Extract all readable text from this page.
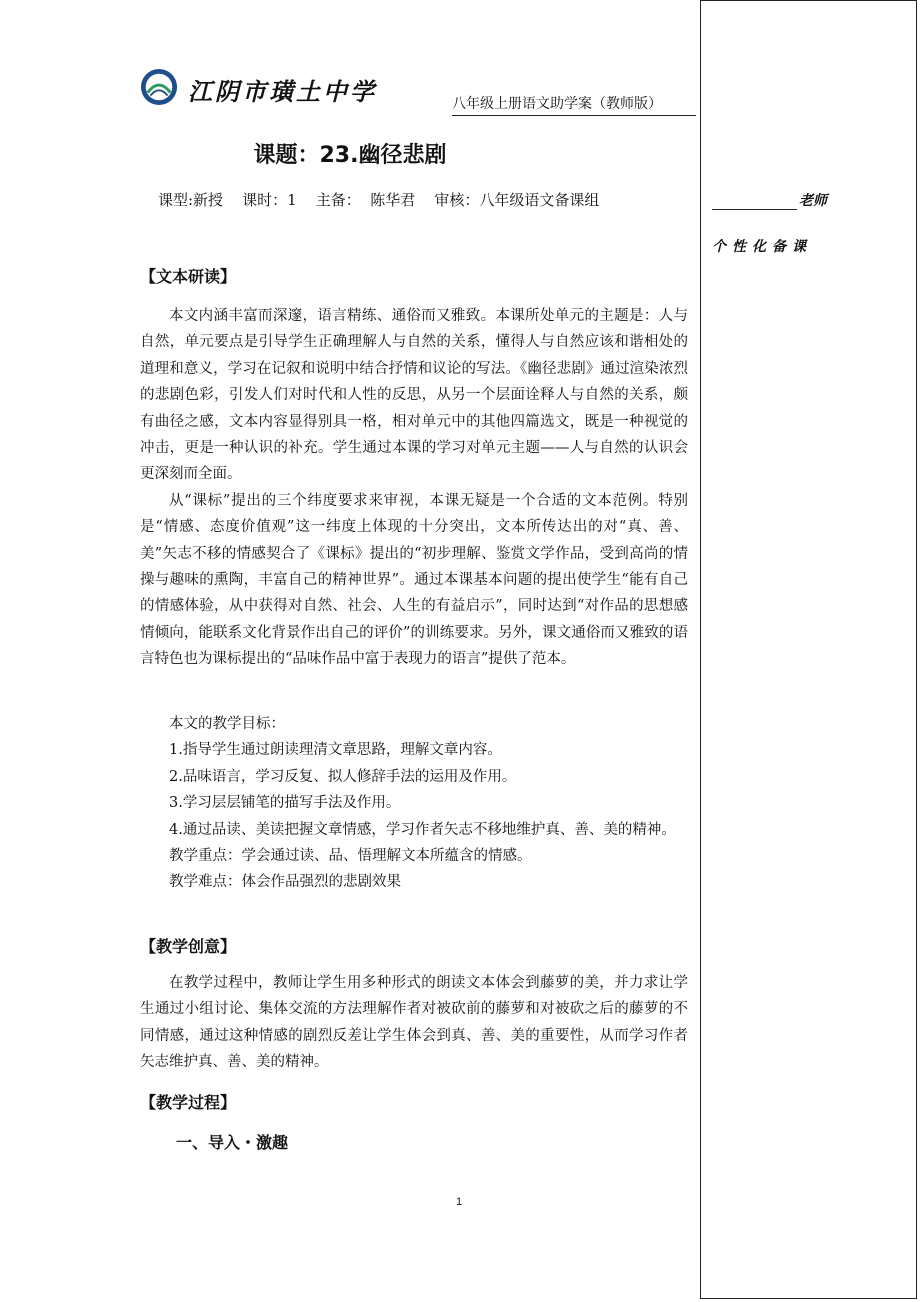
江阴市璜土中学	八年级上册语文助学案（教师版）
课题：23.幽径悲剧
课型:新授    课时：1    主备：  陈华君    审核：八年级语文备课组	老师
个性化备课
【文本研读】

本文内涵丰富而深邃，语言精练、通俗而又雅致。本课所处单元的主题是：人与自然，单元要点是引导学生正确理解人与自然的关系，懂得人与自然应该和谐相处的道理和意义，学习在记叙和说明中结合抒情和议论的写法。《幽径悲剧》通过渲染浓烈的悲剧色彩，引发人们对时代和人性的反思，从另一个层面诠释人与自然的关系，颇有曲径之感，文本内容显得别具一格，相对单元中的其他四篇选文，既是一种视觉的冲击，更是一种认识的补充。学生通过本课的学习对单元主题——人与自然的认识会更深刻而全面。

从“课标”提出的三个纬度要求来审视，本课无疑是一个合适的文本范例。特别是“情感、态度价值观”这一纬度上体现的十分突出，文本所传达出的对“真、善、美”矢志不移的情感契合了《课标》提出的“初步理解、鉴赏文学作品，受到高尚的情操与趣味的熏陶，丰富自己的精神世界”。通过本课基本问题的提出使学生“能有自己的情感体验，从中获得对自然、社会、人生的有益启示”，同时达到“对作品的思想感情倾向，能联系文化背景作出自己的评价”的训练要求。另外，课文通俗而又雅致的语言特色也为课标提出的“品味作品中富于表现力的语言”提供了范本。

本文的教学目标：
1.指导学生通过朗读理清文章思路，理解文章内容。
2.品味语言，学习反复、拟人修辞手法的运用及作用。
3.学习层层铺笔的描写手法及作用。
4.通过品读、美读把握文章情感，学习作者矢志不移地维护真、善、美的精神。
教学重点：学会通过读、品、悟理解文本所蕴含的情感。
教学难点：体会作品强烈的悲剧效果
【教学创意】

在教学过程中，教师让学生用多种形式的朗读文本体会到藤萝的美，并力求让学生通过小组讨论、集体交流的方法理解作者对被砍前的藤萝和对被砍之后的藤萝的不同情感，通过这种情感的剧烈反差让学生体会到真、善、美的重要性，从而学习作者矢志维护真、善、美的精神。

【教学过程】
一、导入・激趣
1
